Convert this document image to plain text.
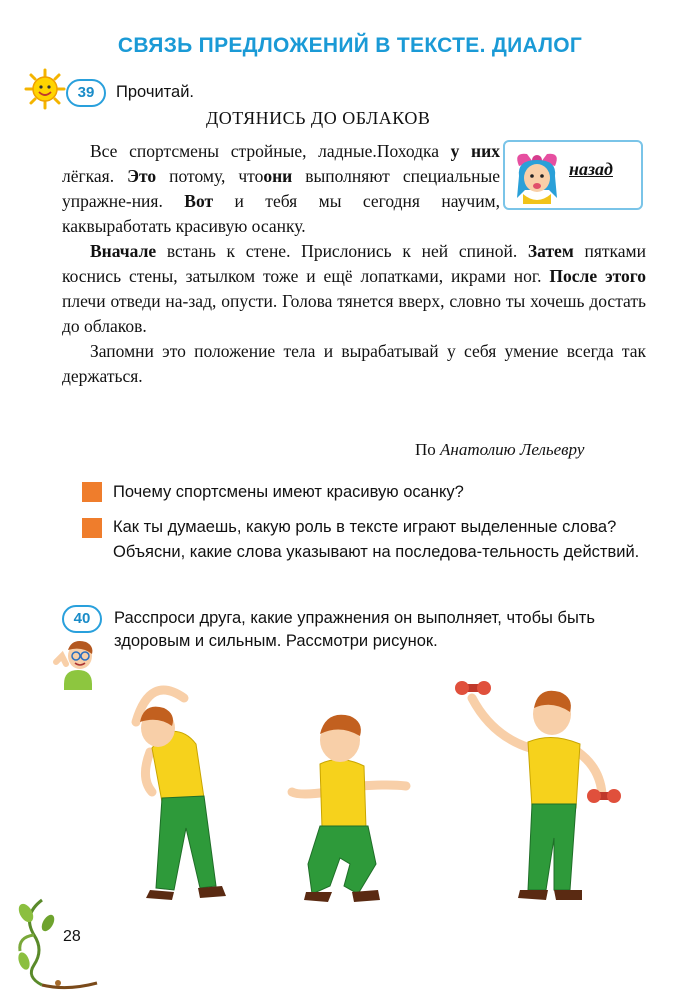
СВЯЗЬ ПРЕДЛОЖЕНИЙ В ТЕКСТЕ. ДИАЛОГ
39	Прочитай.
ДОТЯНИСЬ ДО ОБЛАКОВ
назад

Все спортсмены стройные, ладные.Походка у них лёгкая. Это потому, чтоони выполняют специальные упражне-ния. Вот и тебя мы сегодня научим, каквыработать красивую осанку.

Вначале встань к стене. Прислонись к ней спиной. Затем пятками коснись стены, затылком тоже и ещё лопатками, икрами ног. После этого плечи отведи на-зад, опусти. Голова тянется вверх, словно ты хочешь достать до облаков.

Запомни это положение тела и вырабатывай у себя умение всегда так держаться.

По Анатолию Лельевру
Почему спортсмены имеют красивую осанку?
Как ты думаешь, какую роль в тексте играют выделенные слова? Объясни, какие слова указывают на последова-тельность действий.
40	Расспроси друга, какие упражнения он выполняет, чтобы быть здоровым и сильным. Рассмотри рисунок.
28
